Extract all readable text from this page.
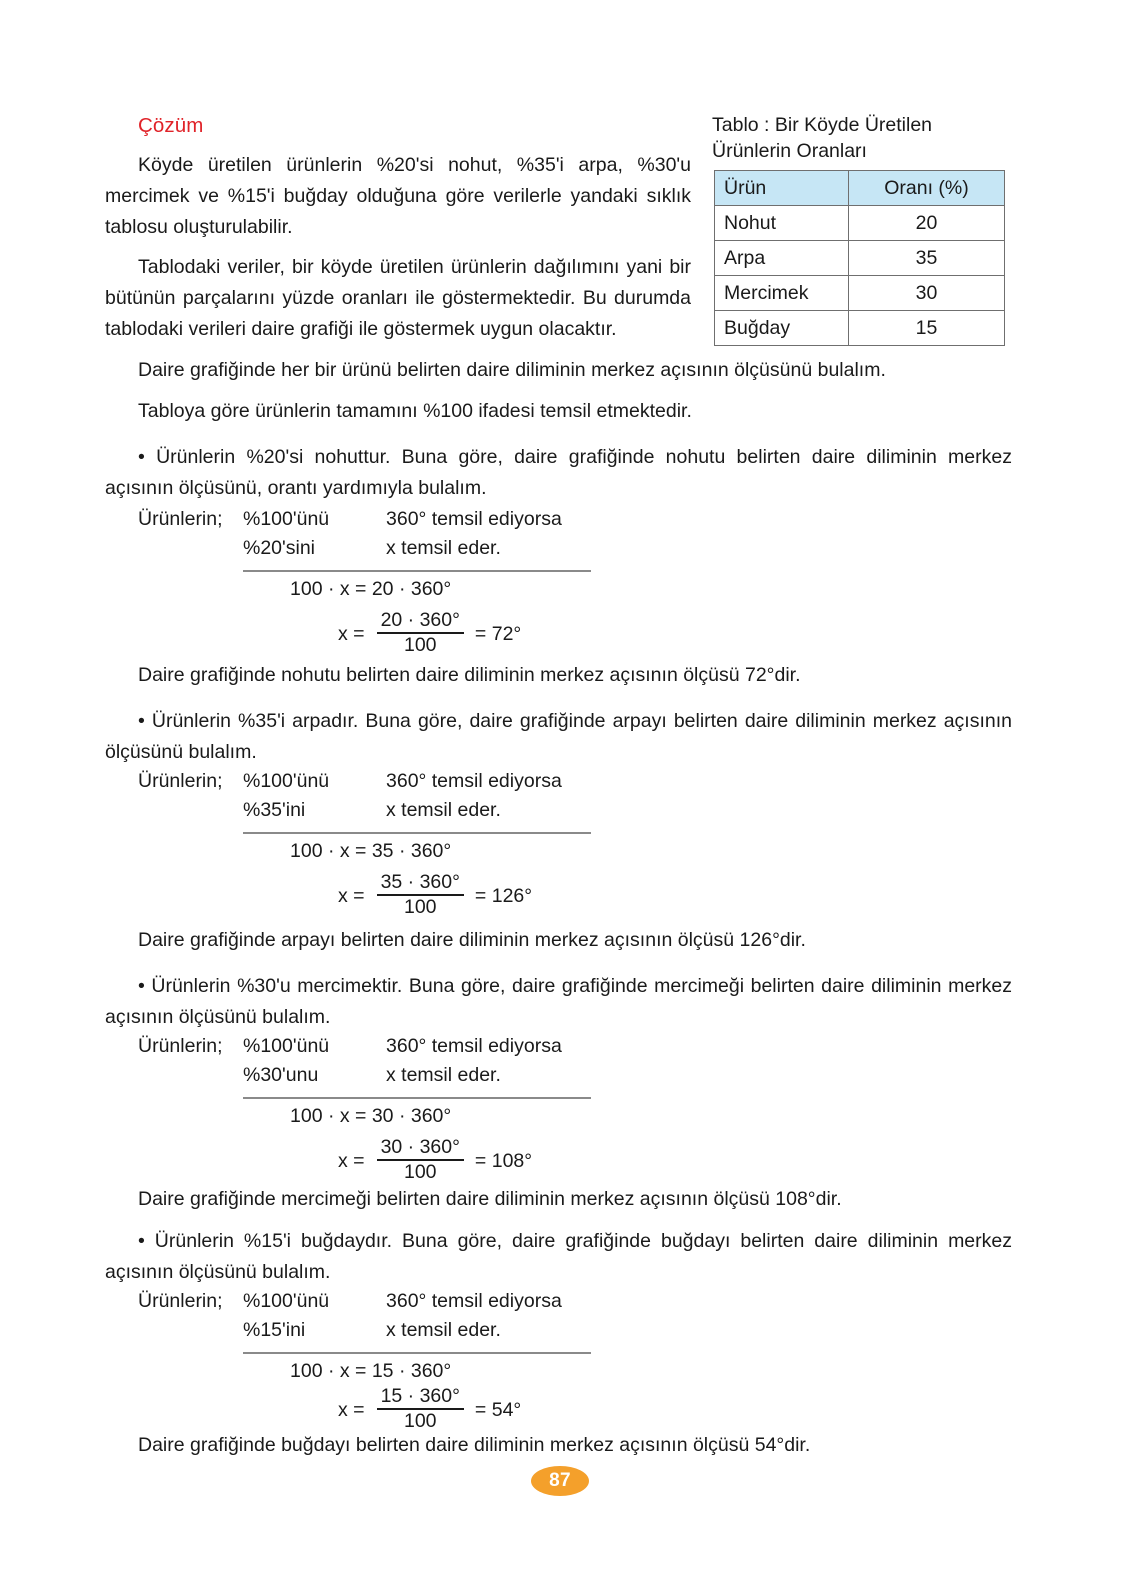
Çözüm
Köyde üretilen ürünlerin %20'si nohut, %35'i arpa, %30'u mercimek ve %15'i buğday olduğuna göre verilerle yandaki sıklık tablosu oluşturulabilir.
Tablodaki veriler, bir köyde üretilen ürünlerin dağılımını yani bir bütünün parçalarını yüzde oranları ile göstermektedir. Bu durumda tablodaki verileri daire grafiği ile göstermek uygun olacaktır.
Tablo : Bir Köyde Üretilen Ürünlerin Oranları
Ürün	Oranı (%)
Nohut	20
Arpa	35
Mercimek	30
Buğday	15
Daire grafiğinde her bir ürünü belirten daire diliminin merkez açısının ölçüsünü bulalım.
Tabloya göre ürünlerin tamamını %100 ifadesi temsil etmektedir.
• Ürünlerin %20'si nohuttur. Buna göre, daire grafiğinde nohutu belirten daire diliminin merkez açısının ölçüsünü, orantı yardımıyla bulalım.
Ürünlerin; %100'ünü	360° temsil ediyorsa
%20'sini	x temsil eder.
100 · x = 20 · 360°
$x = \frac{20 \cdot 360^\circ}{100} = 72^\circ$
Daire grafiğinde nohutu belirten daire diliminin merkez açısının ölçüsü 72°dir.
• Ürünlerin %35'i arpadır. Buna göre, daire grafiğinde arpayı belirten daire diliminin merkez açısının ölçüsünü bulalım.
Ürünlerin; %100'ünü	360° temsil ediyorsa
%35'ini	x temsil eder.
100 · x = 35 · 360°
$x = \frac{35 \cdot 360^\circ}{100} = 126^\circ$
Daire grafiğinde arpayı belirten daire diliminin merkez açısının ölçüsü 126°dir.
• Ürünlerin %30'u mercimektir. Buna göre, daire grafiğinde mercimeği belirten daire diliminin merkez açısının ölçüsünü bulalım.
Ürünlerin; %100'ünü	360° temsil ediyorsa
%30'unu	x temsil eder.
100 · x = 30 · 360°
$x = \frac{30 \cdot 360^\circ}{100} = 108^\circ$
Daire grafiğinde mercimeği belirten daire diliminin merkez açısının ölçüsü 108°dir.
• Ürünlerin %15'i buğdaydır. Buna göre, daire grafiğinde buğdayı belirten daire diliminin merkez açısının ölçüsünü bulalım.
Ürünlerin; %100'ünü	360° temsil ediyorsa
%15'ini	x temsil eder.
100 · x = 15 · 360°
$x = \frac{15 \cdot 360^\circ}{100} = 54^\circ$
Daire grafiğinde buğdayı belirten daire diliminin merkez açısının ölçüsü 54°dir.
87
